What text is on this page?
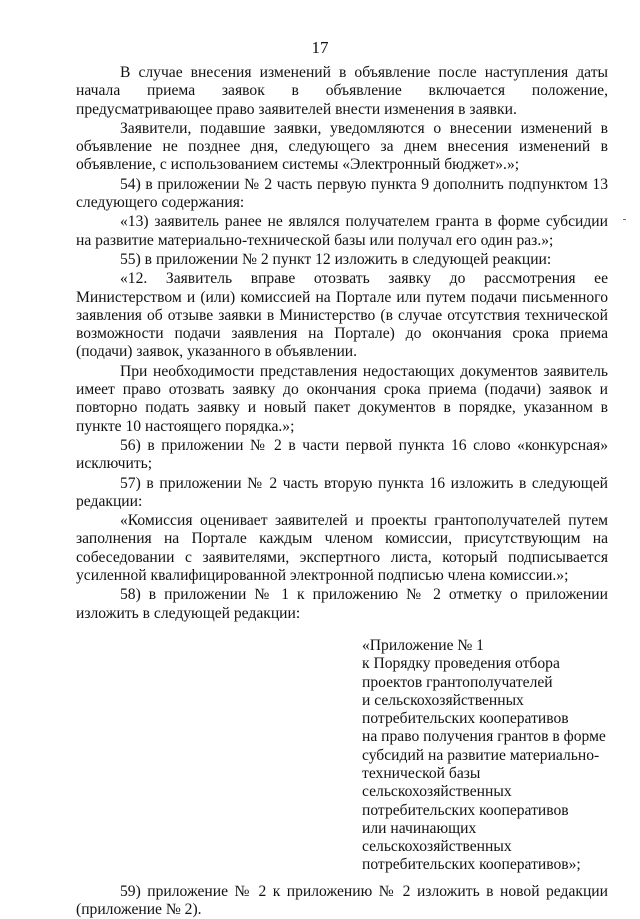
17

В случае внесения изменений в объявление после наступления даты начала приема заявок в объявление включается положение, предусматривающее право заявителей внести изменения в заявки.

Заявители, подавшие заявки, уведомляются о внесении изменений в объявление не позднее дня, следующего за днем внесения изменений в объявление, с использованием системы «Электронный бюджет».»;

54) в приложении № 2 часть первую пункта 9 дополнить подпунктом 13 следующего содержания:

«13) заявитель ранее не являлся получателем гранта в форме субсидии на развитие материально-технической базы или получал его один раз.»;

55) в приложении № 2 пункт 12 изложить в следующей реакции:

«12. Заявитель вправе отозвать заявку до рассмотрения ее Министерством и (или) комиссией на Портале или путем подачи письменного заявления об отзыве заявки в Министерство (в случае отсутствия технической возможности подачи заявления на Портале) до окончания срока приема (подачи) заявок, указанного в объявлении.

При необходимости представления недостающих документов заявитель имеет право отозвать заявку до окончания срока приема (подачи) заявок и повторно подать заявку и новый пакет документов в порядке, указанном в пункте 10 настоящего порядка.»;

56) в приложении № 2 в части первой пункта 16 слово «конкурсная» исключить;

57) в приложении № 2 часть вторую пункта 16 изложить в следующей редакции:

«Комиссия оценивает заявителей и проекты грантополучателей путем заполнения на Портале каждым членом комиссии, присутствующим на собеседовании с заявителями, экспертного листа, который подписывается усиленной квалифицированной электронной подписью члена комиссии.»;

58) в приложении № 1 к приложению № 2 отметку о приложении изложить в следующей редакции:

«Приложение № 1
к Порядку проведения отбора
проектов грантополучателей
и сельскохозяйственных
потребительских кооперативов
на право получения грантов в форме
субсидий на развитие материально-
технической базы
сельскохозяйственных
потребительских кооперативов
или начинающих
сельскохозяйственных
потребительских кооперативов»;

59) приложение № 2 к приложению № 2 изложить в новой редакции (приложение № 2).
